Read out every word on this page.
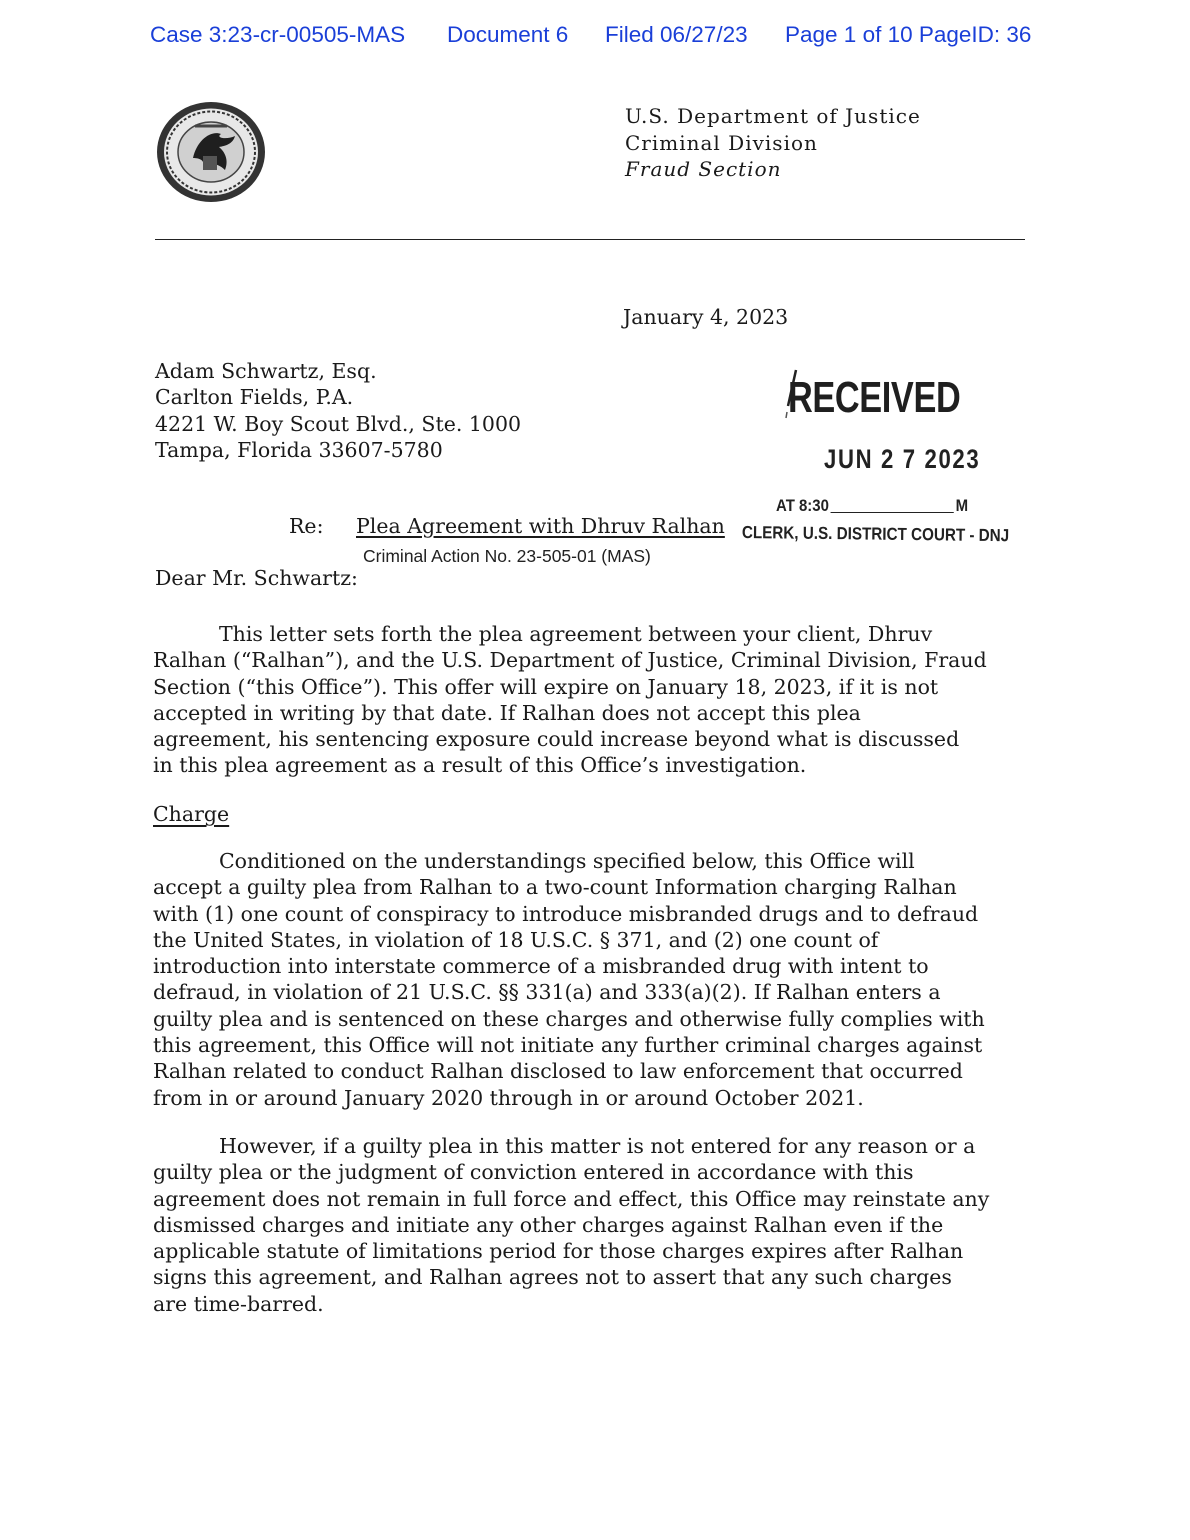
Case 3:23-cr-00505-MAS Document 6 Filed 06/27/23 Page 1 of 10 PageID: 36
U.S. Department of Justice
Criminal Division
Fraud Section
January 4, 2023
Adam Schwartz, Esq.
Carlton Fields, P.A.
4221 W. Boy Scout Blvd., Ste. 1000
Tampa, Florida 33607-5780
RECEIVED
JUN 2 7 2023
AT 8:30	M
CLERK, U.S. DISTRICT COURT - DNJ
Re: Plea Agreement with Dhruv Ralhan
Criminal Action No. 23-505-01 (MAS)
Dear Mr. Schwartz:
This letter sets forth the plea agreement between your client, Dhruv
Ralhan (“Ralhan”), and the U.S. Department of Justice, Criminal Division, Fraud
Section (“this Office”). This offer will expire on January 18, 2023, if it is not
accepted in writing by that date. If Ralhan does not accept this plea
agreement, his sentencing exposure could increase beyond what is discussed
in this plea agreement as a result of this Office’s investigation.
Charge
Conditioned on the understandings specified below, this Office will
accept a guilty plea from Ralhan to a two-count Information charging Ralhan
with (1) one count of conspiracy to introduce misbranded drugs and to defraud
the United States, in violation of 18 U.S.C. § 371, and (2) one count of
introduction into interstate commerce of a misbranded drug with intent to
defraud, in violation of 21 U.S.C. §§ 331(a) and 333(a)(2). If Ralhan enters a
guilty plea and is sentenced on these charges and otherwise fully complies with
this agreement, this Office will not initiate any further criminal charges against
Ralhan related to conduct Ralhan disclosed to law enforcement that occurred
from in or around January 2020 through in or around October 2021.
However, if a guilty plea in this matter is not entered for any reason or a
guilty plea or the judgment of conviction entered in accordance with this
agreement does not remain in full force and effect, this Office may reinstate any
dismissed charges and initiate any other charges against Ralhan even if the
applicable statute of limitations period for those charges expires after Ralhan
signs this agreement, and Ralhan agrees not to assert that any such charges
are time-barred.
